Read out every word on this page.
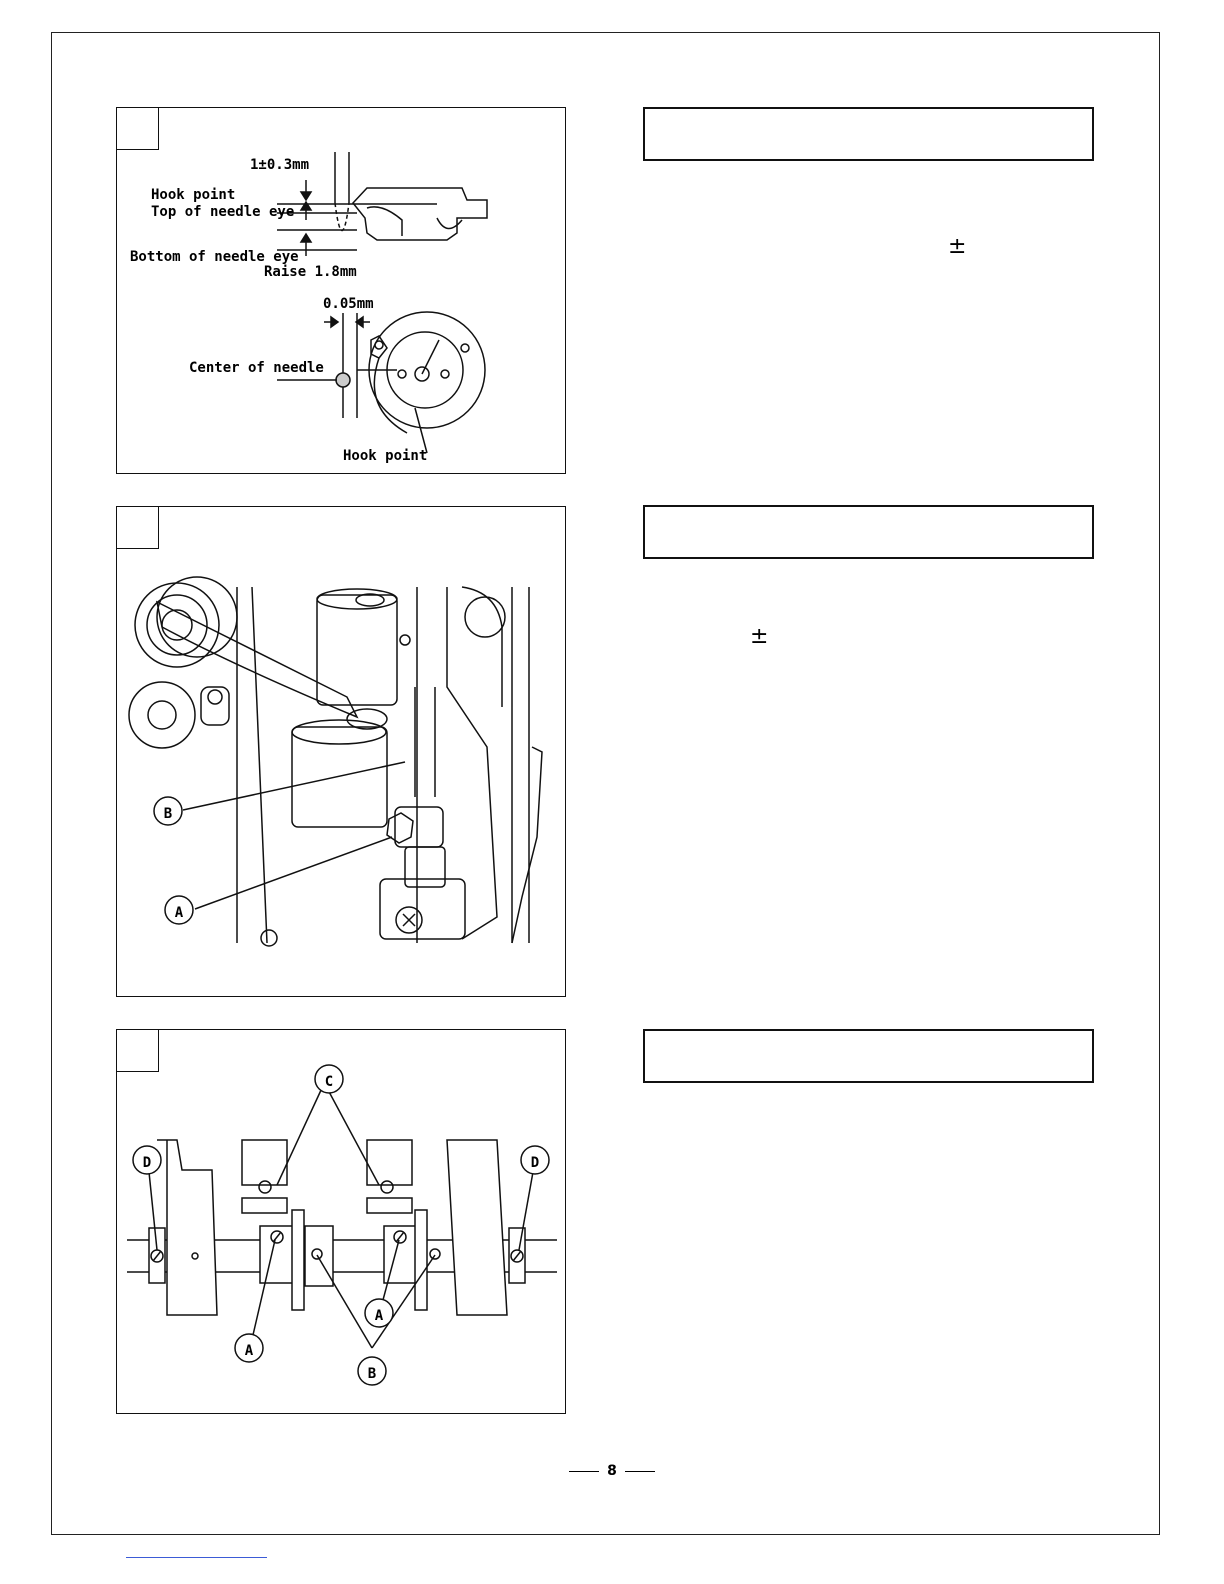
1±0.3mm
Hook point
Top of needle eye
Bottom of needle eye
Raise 1.8mm
0.05mm
Center of needle
Hook point
B
A
C
D	D
A
A
B
±
±
8
